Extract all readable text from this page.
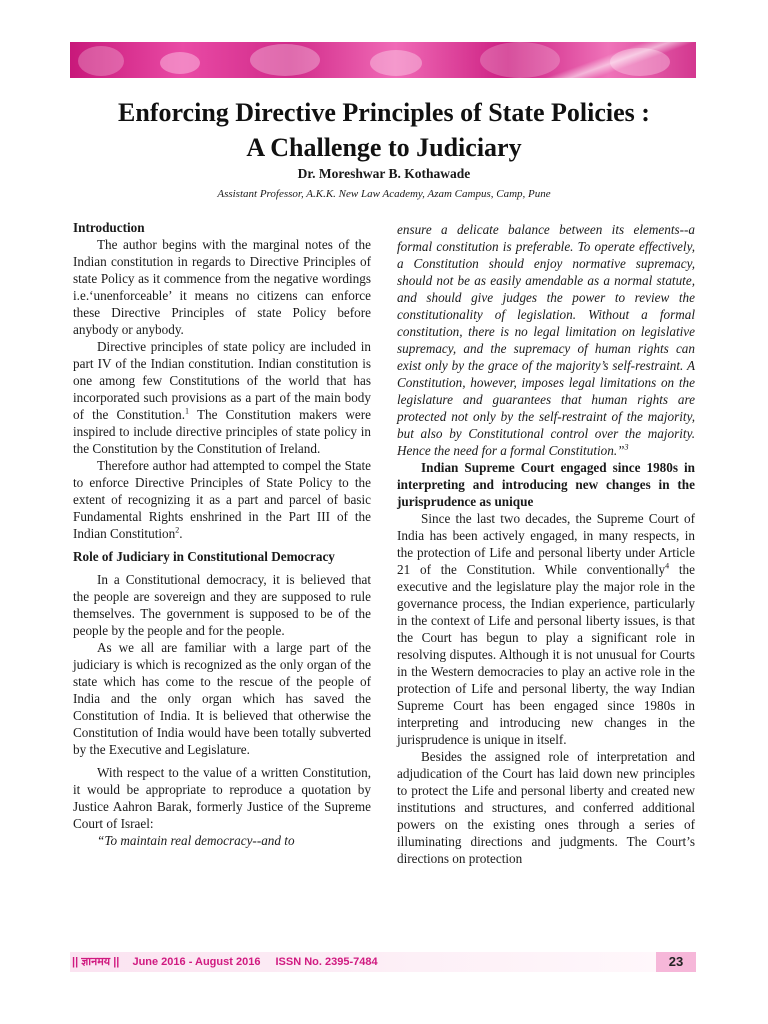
Enforcing Directive Principles of State Policies :
A Challenge to Judiciary
Dr. Moreshwar B. Kothawade
Assistant Professor, A.K.K. New Law Academy, Azam Campus, Camp, Pune

Introduction

The author begins with the marginal notes of the Indian constitution in regards to Directive Principles of state Policy as it commence from the negative wordings i.e.‘unenforceable’ it means no citizens can enforce these Directive Principles of state Policy before anybody or anybody.

Directive principles of state policy are included in part IV of the Indian constitution. Indian constitution is one among few Constitutions of the world that has incorporated such provisions as a part of the main body of the Constitution.$^1$ The Constitution makers were inspired to include directive principles of state policy in the Constitution by the Constitution of Ireland.

Therefore author had attempted to compel the State to enforce Directive Principles of State Policy to the extent of recognizing it as a part and parcel of basic Fundamental Rights enshrined in the Part III of the Indian Constitution$^2$.

Role of Judiciary in Constitutional Democracy

In a Constitutional democracy, it is believed that the people are sovereign and they are supposed to rule themselves. The government is supposed to be of the people by the people and for the people.

As we all are familiar with a large part of the judiciary is which is recognized as the only organ of the state which has come to the rescue of the people of India and the only organ which has saved the Constitution of India. It is believed that otherwise the Constitution of India would have been totally subverted by the Executive and Legislature.

With respect to the value of a written Constitution, it would be appropriate to reproduce a quotation by Justice Aahron Barak, formerly Justice of the Supreme Court of Israel:

“To maintain real democracy--and to

ensure a delicate balance between its elements--a formal constitution is preferable. To operate effectively, a Constitution should enjoy normative supremacy, should not be as easily amendable as a normal statute, and should give judges the power to review the constitutionality of legislation. Without a formal constitution, there is no legal limitation on legislative supremacy, and the supremacy of human rights can exist only by the grace of the majority’s self-restraint. A Constitution, however, imposes legal limitations on the legislature and guarantees that human rights are protected not only by the self-restraint of the majority, but also by Constitutional control over the majority. Hence the need for a formal Constitution.”$^3$

Indian Supreme Court engaged since 1980s in interpreting and introducing new changes in the jurisprudence as unique

Since the last two decades, the Supreme Court of India has been actively engaged, in many respects, in the protection of Life and personal liberty under Article 21 of the Constitution. While conventionally$^4$ the executive and the legislature play the major role in the governance process, the Indian experience, particularly in the context of Life and personal liberty issues, is that the Court has begun to play a significant role in resolving disputes. Although it is not unusual for Courts in the Western democracies to play an active role in the protection of Life and personal liberty, the way Indian Supreme Court has been engaged since 1980s in interpreting and introducing new changes in the jurisprudence is unique in itself.

Besides the assigned role of interpretation and adjudication of the Court has laid down new principles to protect the Life and personal liberty and created new institutions and structures, and conferred additional powers on the existing ones through a series of illuminating directions and judgments. The Court’s directions on protection

|| ज्ञानमय || June 2016 - August 2016 ISSN No. 2395-7484	23
